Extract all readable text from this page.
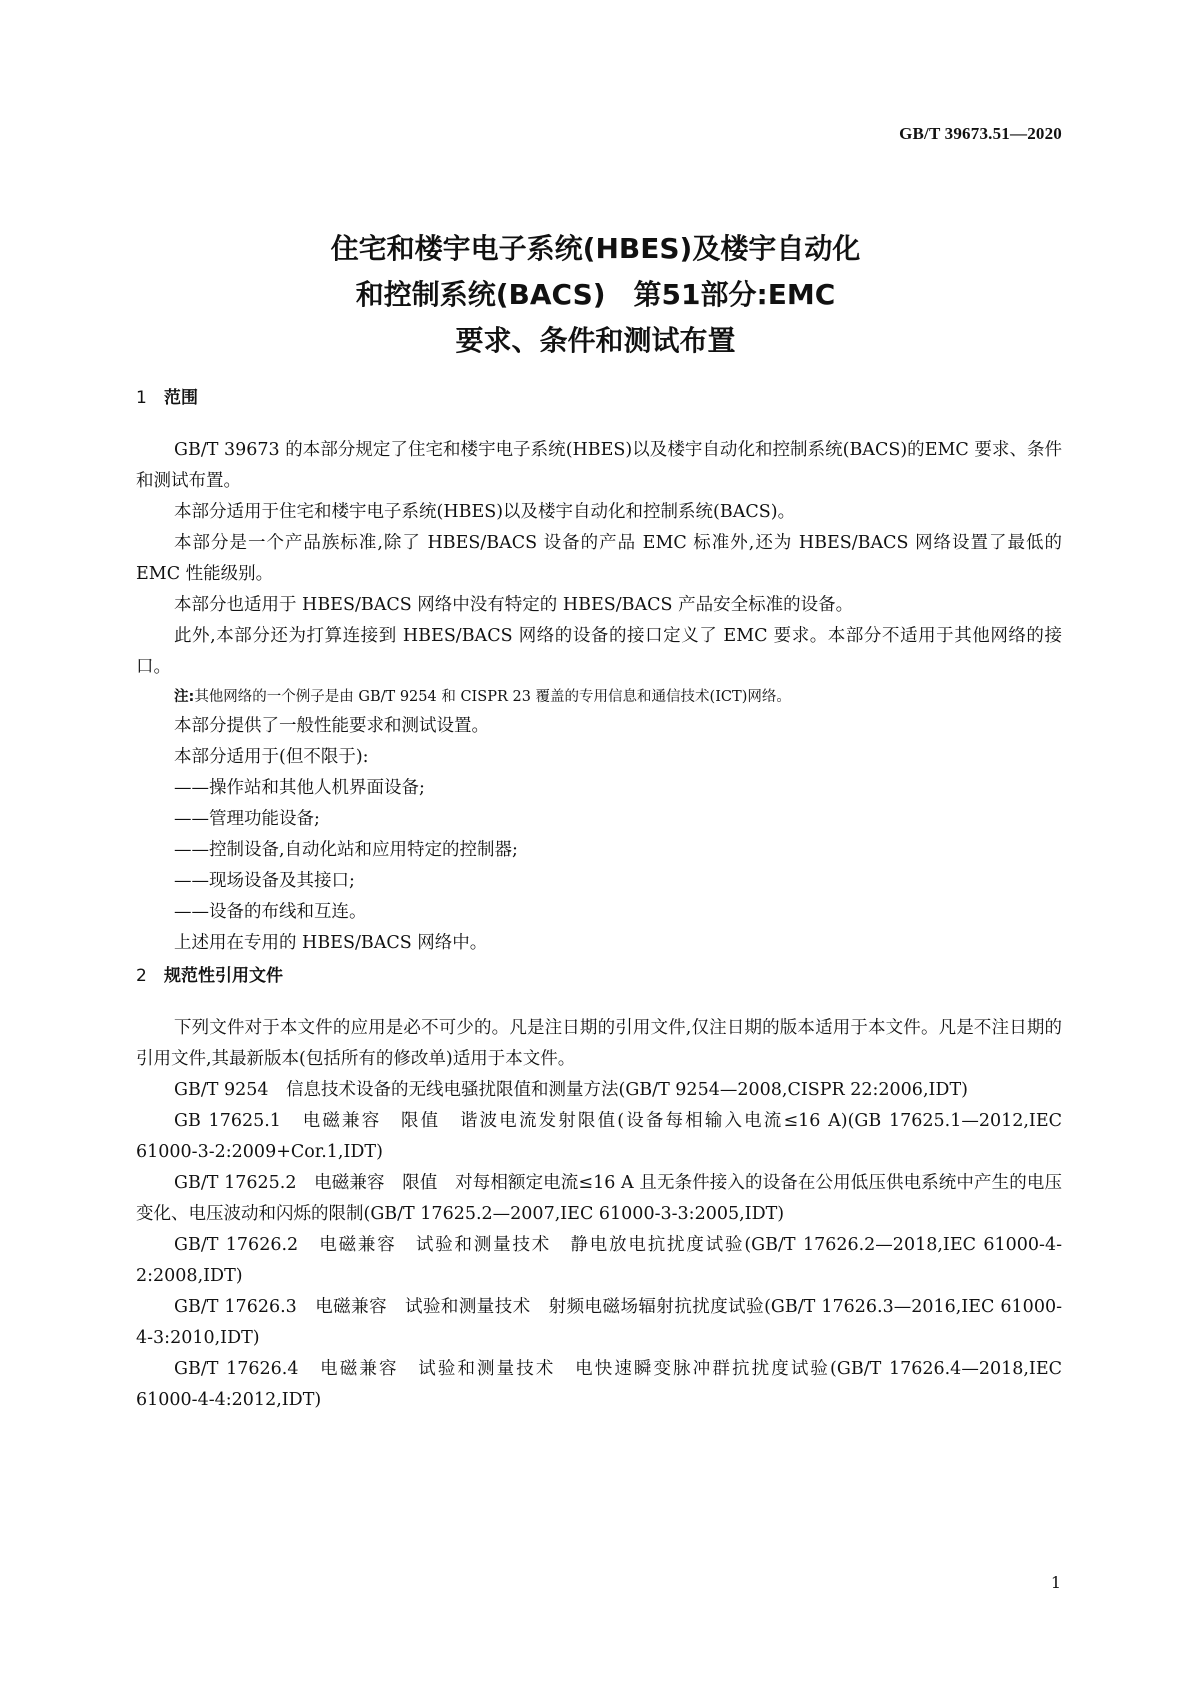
GB/T 39673.51—2020
住宅和楼宇电子系统(HBES)及楼宇自动化
和控制系统(BACS)　第51部分:EMC
要求、条件和测试布置
1 范围

GB/T 39673 的本部分规定了住宅和楼宇电子系统(HBES)以及楼宇自动化和控制系统(BACS)的EMC 要求、条件和测试布置。

本部分适用于住宅和楼宇电子系统(HBES)以及楼宇自动化和控制系统(BACS)。

本部分是一个产品族标准,除了 HBES/BACS 设备的产品 EMC 标准外,还为 HBES/BACS 网络设置了最低的 EMC 性能级别。

本部分也适用于 HBES/BACS 网络中没有特定的 HBES/BACS 产品安全标准的设备。

此外,本部分还为打算连接到 HBES/BACS 网络的设备的接口定义了 EMC 要求。本部分不适用于其他网络的接口。

注:其他网络的一个例子是由 GB/T 9254 和 CISPR 23 覆盖的专用信息和通信技术(ICT)网络。

本部分提供了一般性能要求和测试设置。

本部分适用于(但不限于):

——操作站和其他人机界面设备;

——管理功能设备;

——控制设备,自动化站和应用特定的控制器;

——现场设备及其接口;

——设备的布线和互连。

上述用在专用的 HBES/BACS 网络中。

2 规范性引用文件

下列文件对于本文件的应用是必不可少的。凡是注日期的引用文件,仅注日期的版本适用于本文件。凡是不注日期的引用文件,其最新版本(包括所有的修改单)适用于本文件。

GB/T 9254　信息技术设备的无线电骚扰限值和测量方法(GB/T 9254—2008,CISPR 22:2006,IDT)

GB 17625.1　电磁兼容　限值　谐波电流发射限值(设备每相输入电流≤16 A)(GB 17625.1—2012,IEC 61000-3-2:2009+Cor.1,IDT)

GB/T 17625.2　电磁兼容　限值　对每相额定电流≤16 A 且无条件接入的设备在公用低压供电系统中产生的电压变化、电压波动和闪烁的限制(GB/T 17625.2—2007,IEC 61000-3-3:2005,IDT)

GB/T 17626.2　电磁兼容　试验和测量技术　静电放电抗扰度试验(GB/T 17626.2—2018,IEC 61000-4-2:2008,IDT)

GB/T 17626.3　电磁兼容　试验和测量技术　射频电磁场辐射抗扰度试验(GB/T 17626.3—2016,IEC 61000-4-3:2010,IDT)

GB/T 17626.4　电磁兼容　试验和测量技术　电快速瞬变脉冲群抗扰度试验(GB/T 17626.4—2018,IEC 61000-4-4:2012,IDT)

1
